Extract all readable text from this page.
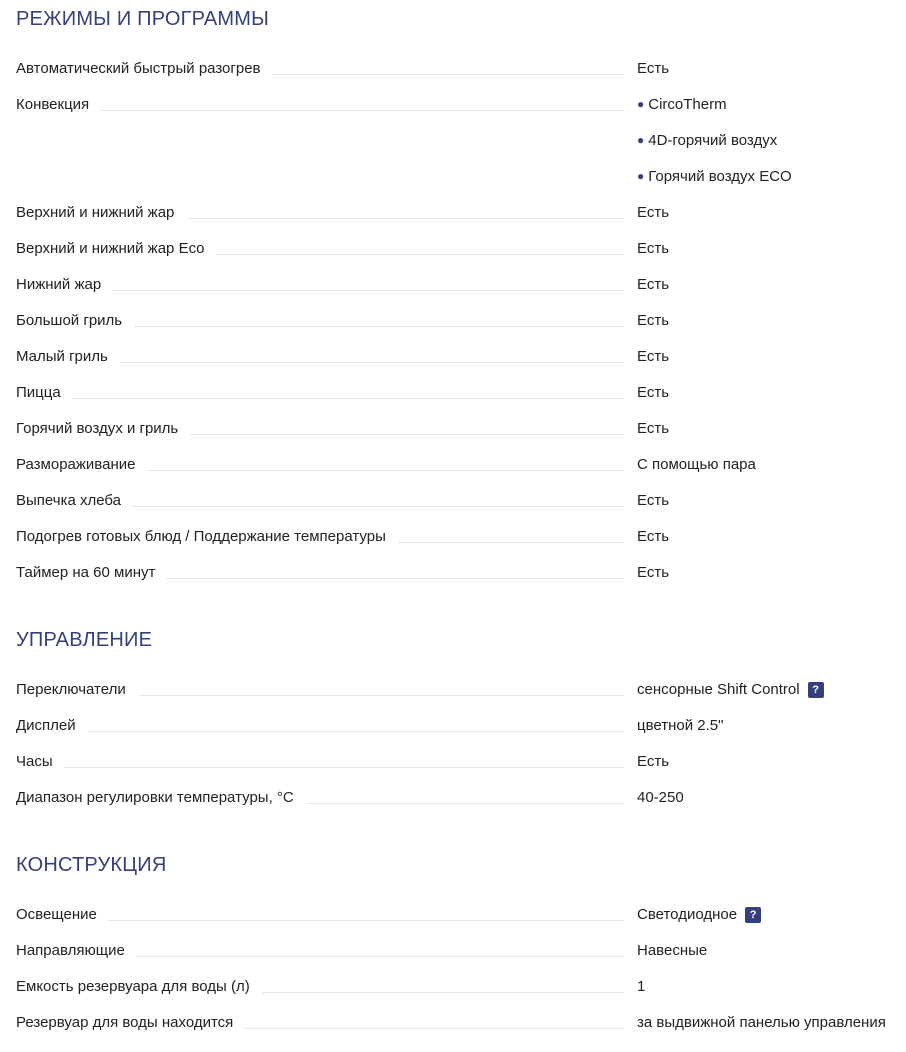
РЕЖИМЫ И ПРОГРАММЫ
Автоматический быстрый разогрев	Есть
Конвекция	● CircoTherm
● 4D-горячий воздух
● Горячий воздух ECO
Верхний и нижний жар	Есть
Верхний и нижний жар Eco	Есть
Нижний жар	Есть
Большой гриль	Есть
Малый гриль	Есть
Пицца	Есть
Горячий воздух и гриль	Есть
Размораживание	С помощью пара
Выпечка хлеба	Есть
Подогрев готовых блюд / Поддержание температуры	Есть
Таймер на 60 минут	Есть
УПРАВЛЕНИЕ
Переключатели	сенсорные Shift Control ?
Дисплей	цветной 2.5"
Часы	Есть
Диапазон регулировки температуры, °C	40-250
КОНСТРУКЦИЯ
Освещение	Светодиодное ?
Направляющие	Навесные
Емкость резервуара для воды (л)	1
Резервуар для воды находится	за выдвижной панелью управления
